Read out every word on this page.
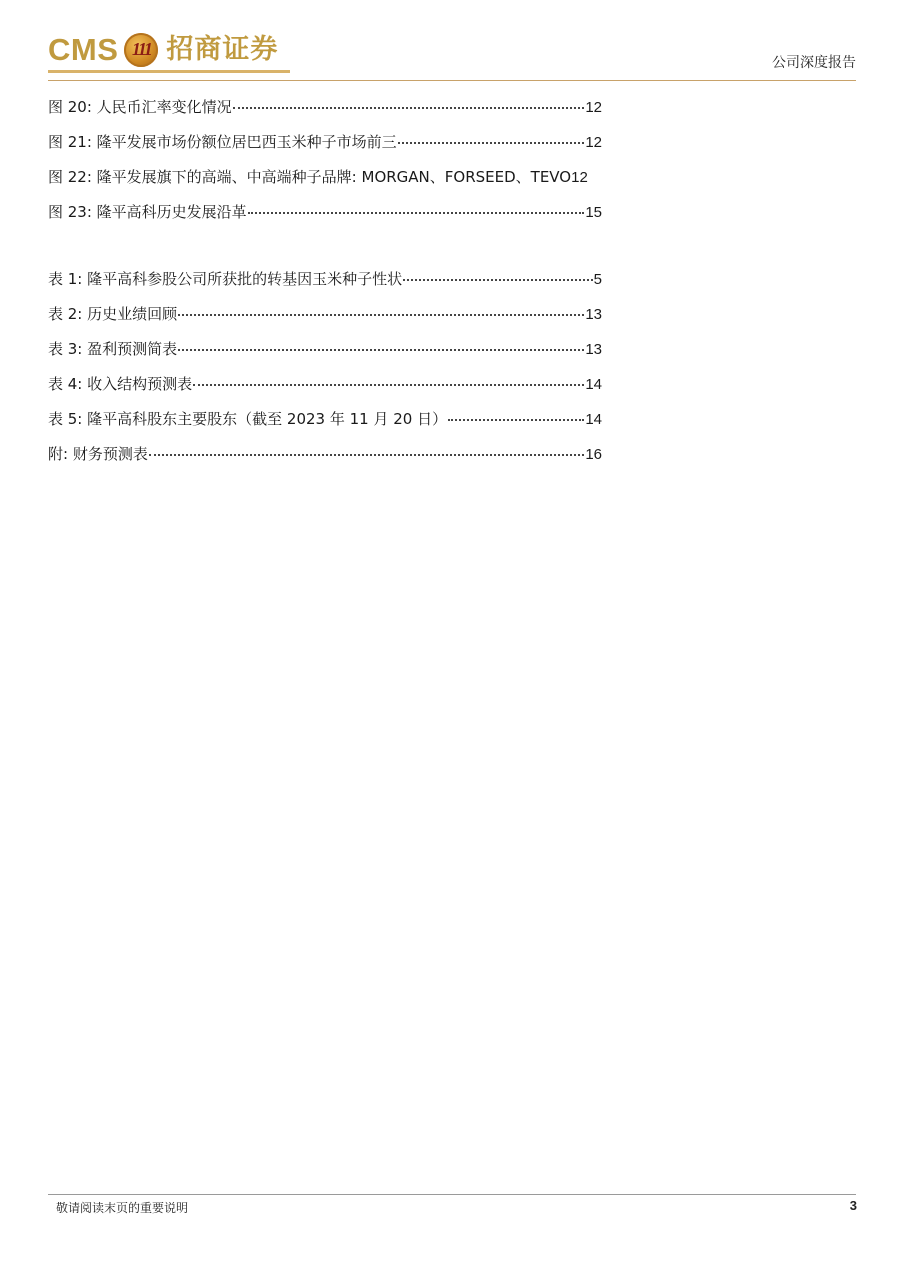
CMS 111 招商证券	公司深度报告
图 20: 人民币汇率变化情况	12
图 21: 隆平发展市场份额位居巴西玉米种子市场前三	12
图 22: 隆平发展旗下的高端、中高端种子品牌: MORGAN、FORSEED、TEVO 12
图 23: 隆平高科历史发展沿革	15
表 1: 隆平高科参股公司所获批的转基因玉米种子性状	5
表 2: 历史业绩回顾	13
表 3: 盈利预测简表	13
表 4: 收入结构预测表	14
表 5: 隆平高科股东主要股东（截至 2023 年 11 月 20 日）	14
附: 财务预测表	16
敬请阅读末页的重要说明	3
